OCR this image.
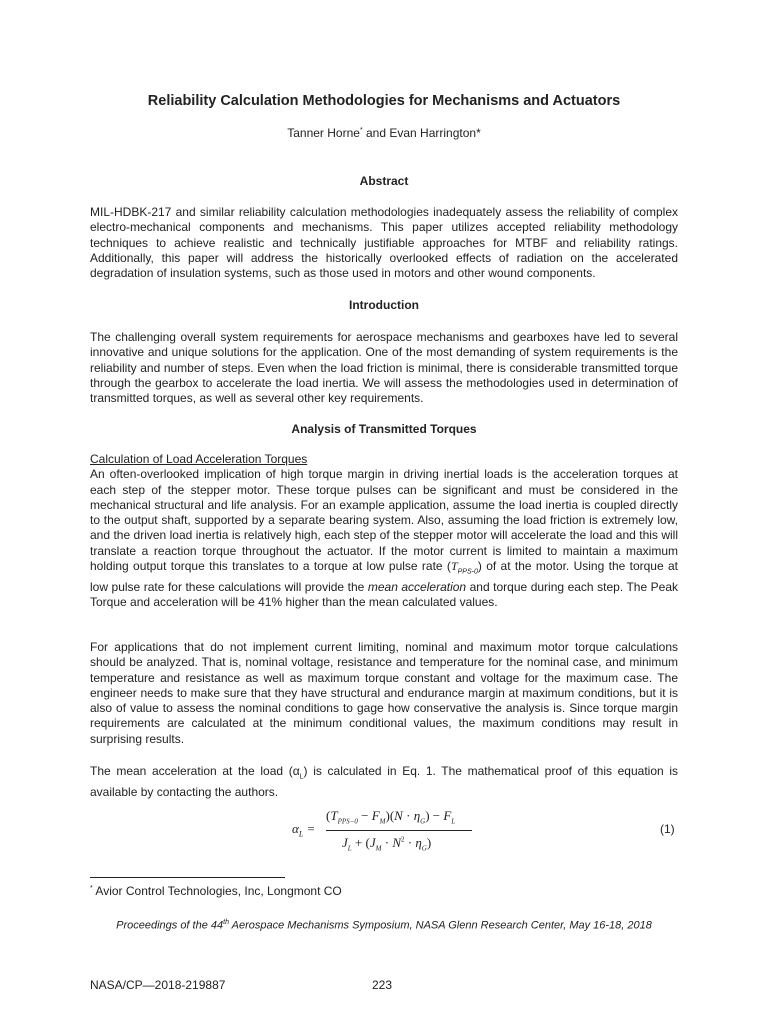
Reliability Calculation Methodologies for Mechanisms and Actuators
Tanner Horne* and Evan Harrington*
Abstract
MIL-HDBK-217 and similar reliability calculation methodologies inadequately assess the reliability of complex electro-mechanical components and mechanisms. This paper utilizes accepted reliability methodology techniques to achieve realistic and technically justifiable approaches for MTBF and reliability ratings. Additionally, this paper will address the historically overlooked effects of radiation on the accelerated degradation of insulation systems, such as those used in motors and other wound components.
Introduction
The challenging overall system requirements for aerospace mechanisms and gearboxes have led to several innovative and unique solutions for the application. One of the most demanding of system requirements is the reliability and number of steps. Even when the load friction is minimal, there is considerable transmitted torque through the gearbox to accelerate the load inertia. We will assess the methodologies used in determination of transmitted torques, as well as several other key requirements.
Analysis of Transmitted Torques
Calculation of Load Acceleration Torques
An often-overlooked implication of high torque margin in driving inertial loads is the acceleration torques at each step of the stepper motor. These torque pulses can be significant and must be considered in the mechanical structural and life analysis. For an example application, assume the load inertia is coupled directly to the output shaft, supported by a separate bearing system. Also, assuming the load friction is extremely low, and the driven load inertia is relatively high, each step of the stepper motor will accelerate the load and this will translate a reaction torque throughout the actuator. If the motor current is limited to maintain a maximum holding output torque this translates to a torque at low pulse rate $(T_{PPS-0})$ of at the motor. Using the torque at low pulse rate for these calculations will provide the mean acceleration and torque during each step. The Peak Torque and acceleration will be 41% higher than the mean calculated values.
For applications that do not implement current limiting, nominal and maximum motor torque calculations should be analyzed. That is, nominal voltage, resistance and temperature for the nominal case, and minimum temperature and resistance as well as maximum torque constant and voltage for the maximum case. The engineer needs to make sure that they have structural and endurance margin at maximum conditions, but it is also of value to assess the nominal conditions to gage how conservative the analysis is. Since torque margin requirements are calculated at the minimum conditional values, the maximum conditions may result in surprising results.
The mean acceleration at the load $(\alpha_L)$ is calculated in Eq. 1. The mathematical proof of this equation is available by contacting the authors.
$\alpha_L$ =
$(T_{PPS-0} - F_M)(N \cdot \eta_G) - F_L$
$J_L + (J_M \cdot N^2 \cdot \eta_G)$
(1)
* Avior Control Technologies, Inc, Longmont CO
Proceedings of the 44th Aerospace Mechanisms Symposium, NASA Glenn Research Center, May 16-18, 2018
NASA/CP—2018-219887	223
